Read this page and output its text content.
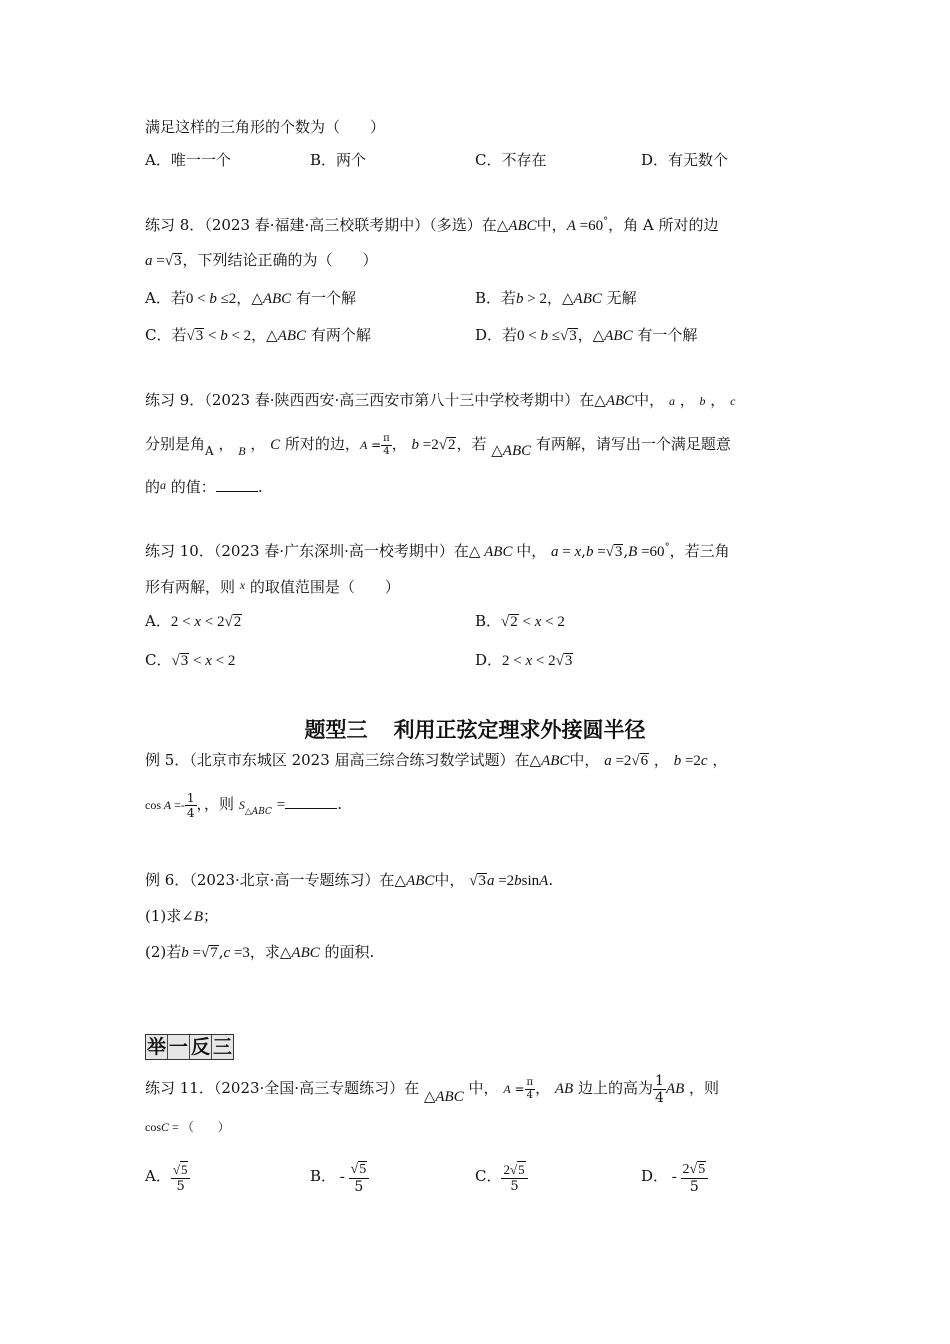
满足这样的三角形的个数为（　　）
A．唯一一个	B．两个	C．不存在	D．有无数个
练习 8．（2023 春·福建·高三校联考期中）（多选）在△ABC中，A =60°，角 A 所对的边
a =√3，下列结论正确的为（　　）
A．若0 < b ≤2，△ABC 有一个解	B．若b > 2，△ABC 无解
C．若√3 < b < 2，△ABC 有两个解	D．若0 < b ≤√3，△ABC 有一个解
练习 9．（2023 春·陕西西安·高三西安市第八十三中学校考期中）在△ABC中， a ， b ， c
分别是角$_A$ ， $_B$ ， C 所对的边，$A = \frac{\pi}{4}$ ， b =2√2，若 △ABC 有两解，请写出一个满足题意
的$^a$ 的值：	.
练习 10．（2023 春·广东深圳·高一校考期中）在△ ABC 中， a = x,b =√3,B =60°，若三角
形有两解，则 $^x$ 的取值范围是（　　）
A．2 < x < 2√2	B．√2 < x < 2
C．√3 < x < 2	D．2 < x < 2√3
题型三 利用正弦定理求外接圆半径
例 5．（北京市东城区 2023 届高三综合练习数学试题）在△ABC中， a =2√6 ， b =2c ，
$\cos A =- \frac{1}{4}$ ，，则 $S_{\triangle ABC}$ =	.
例 6．（2023·北京·高一专题练习）在△ABC中， √3a =2bsinA.
(1)求∠B；
(2)若b =√7,c =3，求△ABC 的面积.
举 一 反 三
练习 11．（2023·全国·高三专题练习）在 △ABC 中， $A = \frac{\pi}{4}$ ， AB 边上的高为 $\frac{1}{4}$ AB ，则
cosC = （　　）
A． $\frac{√5}{5}$	B． - $\frac{√5}{5}$	C． $\frac{2√5}{5}$	D． - $\frac{2√5}{5}$
